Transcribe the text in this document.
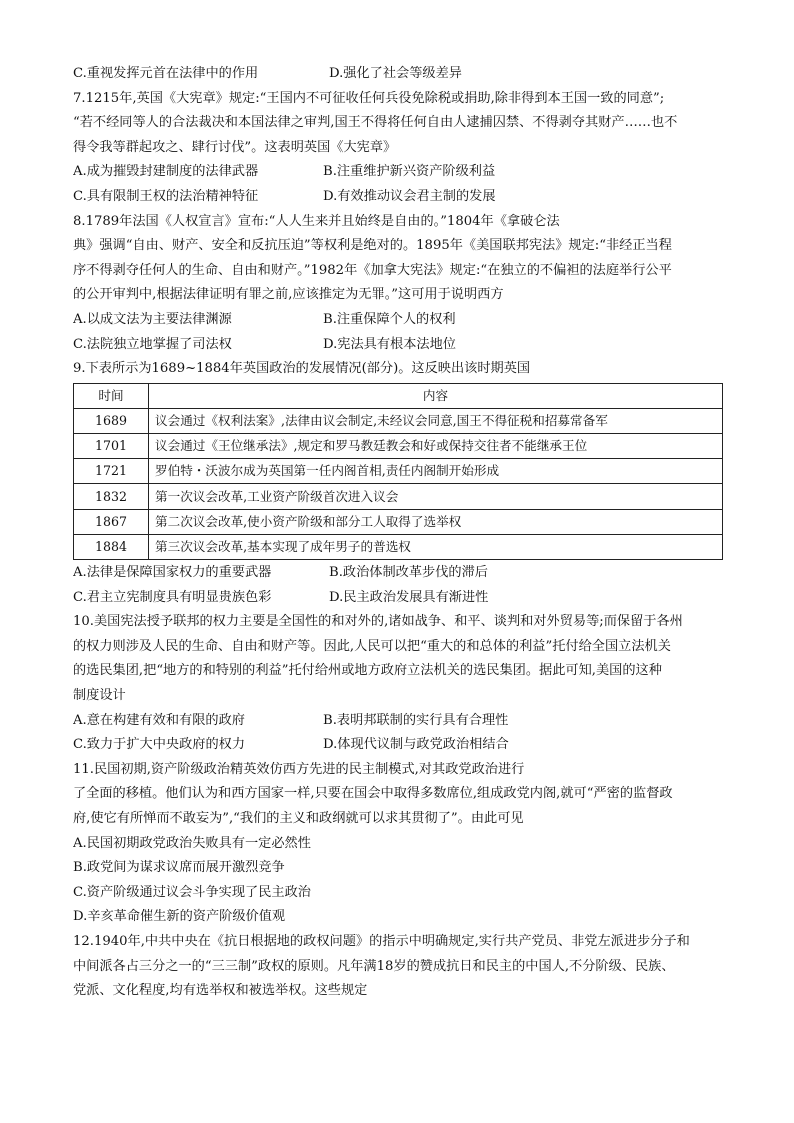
C.重视发挥元首在法律中的作用	D.强化了社会等级差异
7.1215年,英国《大宪章》规定:“王国内不可征收任何兵役免除税或捐助,除非得到本王国一致的同意”;
“若不经同等人的合法裁决和本国法律之审判,国王不得将任何自由人逮捕囚禁、不得剥夺其财产……也不
得令我等群起攻之、肆行讨伐”。这表明英国《大宪章》
A.成为摧毁封建制度的法律武器	B.注重维护新兴资产阶级利益
C.具有限制王权的法治精神特征	D.有效推动议会君主制的发展
8.1789年法国《人权宣言》宣布:“人人生来并且始终是自由的。”1804年《拿破仑法
典》强调“自由、财产、安全和反抗压迫”等权利是绝对的。1895年《美国联邦宪法》规定:“非经正当程
序不得剥夺任何人的生命、自由和财产。”1982年《加拿大宪法》规定:“在独立的不偏袒的法庭举行公平
的公开审判中,根据法律证明有罪之前,应该推定为无罪。”这可用于说明西方
A.以成文法为主要法律渊源	B.注重保障个人的权利
C.法院独立地掌握了司法权	D.宪法具有根本法地位
9.下表所示为1689~1884年英国政治的发展情况(部分)。这反映出该时期英国
时间	内容
1689	议会通过《权利法案》,法律由议会制定,未经议会同意,国王不得征税和招募常备军
1701	议会通过《王位继承法》,规定和罗马教廷教会和好或保持交往者不能继承王位
1721	罗伯特・沃波尔成为英国第一任内阁首相,责任内阁制开始形成
1832	第一次议会改革,工业资产阶级首次进入议会
1867	第二次议会改革,使小资产阶级和部分工人取得了选举权
1884	第三次议会改革,基本实现了成年男子的普选权
A.法律是保障国家权力的重要武器	B.政治体制改革步伐的滞后
C.君主立宪制度具有明显贵族色彩	D.民主政治发展具有渐进性
10.美国宪法授予联邦的权力主要是全国性的和对外的,诸如战争、和平、谈判和对外贸易等;而保留于各州
的权力则涉及人民的生命、自由和财产等。因此,人民可以把“重大的和总体的利益”托付给全国立法机关
的选民集团,把“地方的和特别的利益”托付给州或地方政府立法机关的选民集团。据此可知,美国的这种
制度设计
A.意在构建有效和有限的政府	B.表明邦联制的实行具有合理性
C.致力于扩大中央政府的权力	D.体现代议制与政党政治相结合
11.民国初期,资产阶级政治精英效仿西方先进的民主制模式,对其政党政治进行
了全面的移植。他们认为和西方国家一样,只要在国会中取得多数席位,组成政党内阁,就可“严密的监督政
府,使它有所惮而不敢妄为”,“我们的主义和政纲就可以求其贯彻了”。由此可见
A.民国初期政党政治失败具有一定必然性
B.政党间为谋求议席而展开激烈竞争
C.资产阶级通过议会斗争实现了民主政治
D.辛亥革命催生新的资产阶级价值观
12.1940年,中共中央在《抗日根据地的政权问题》的指示中明确规定,实行共产党员、非党左派进步分子和
中间派各占三分之一的“三三制”政权的原则。凡年满18岁的赞成抗日和民主的中国人,不分阶级、民族、
党派、文化程度,均有选举权和被选举权。这些规定
